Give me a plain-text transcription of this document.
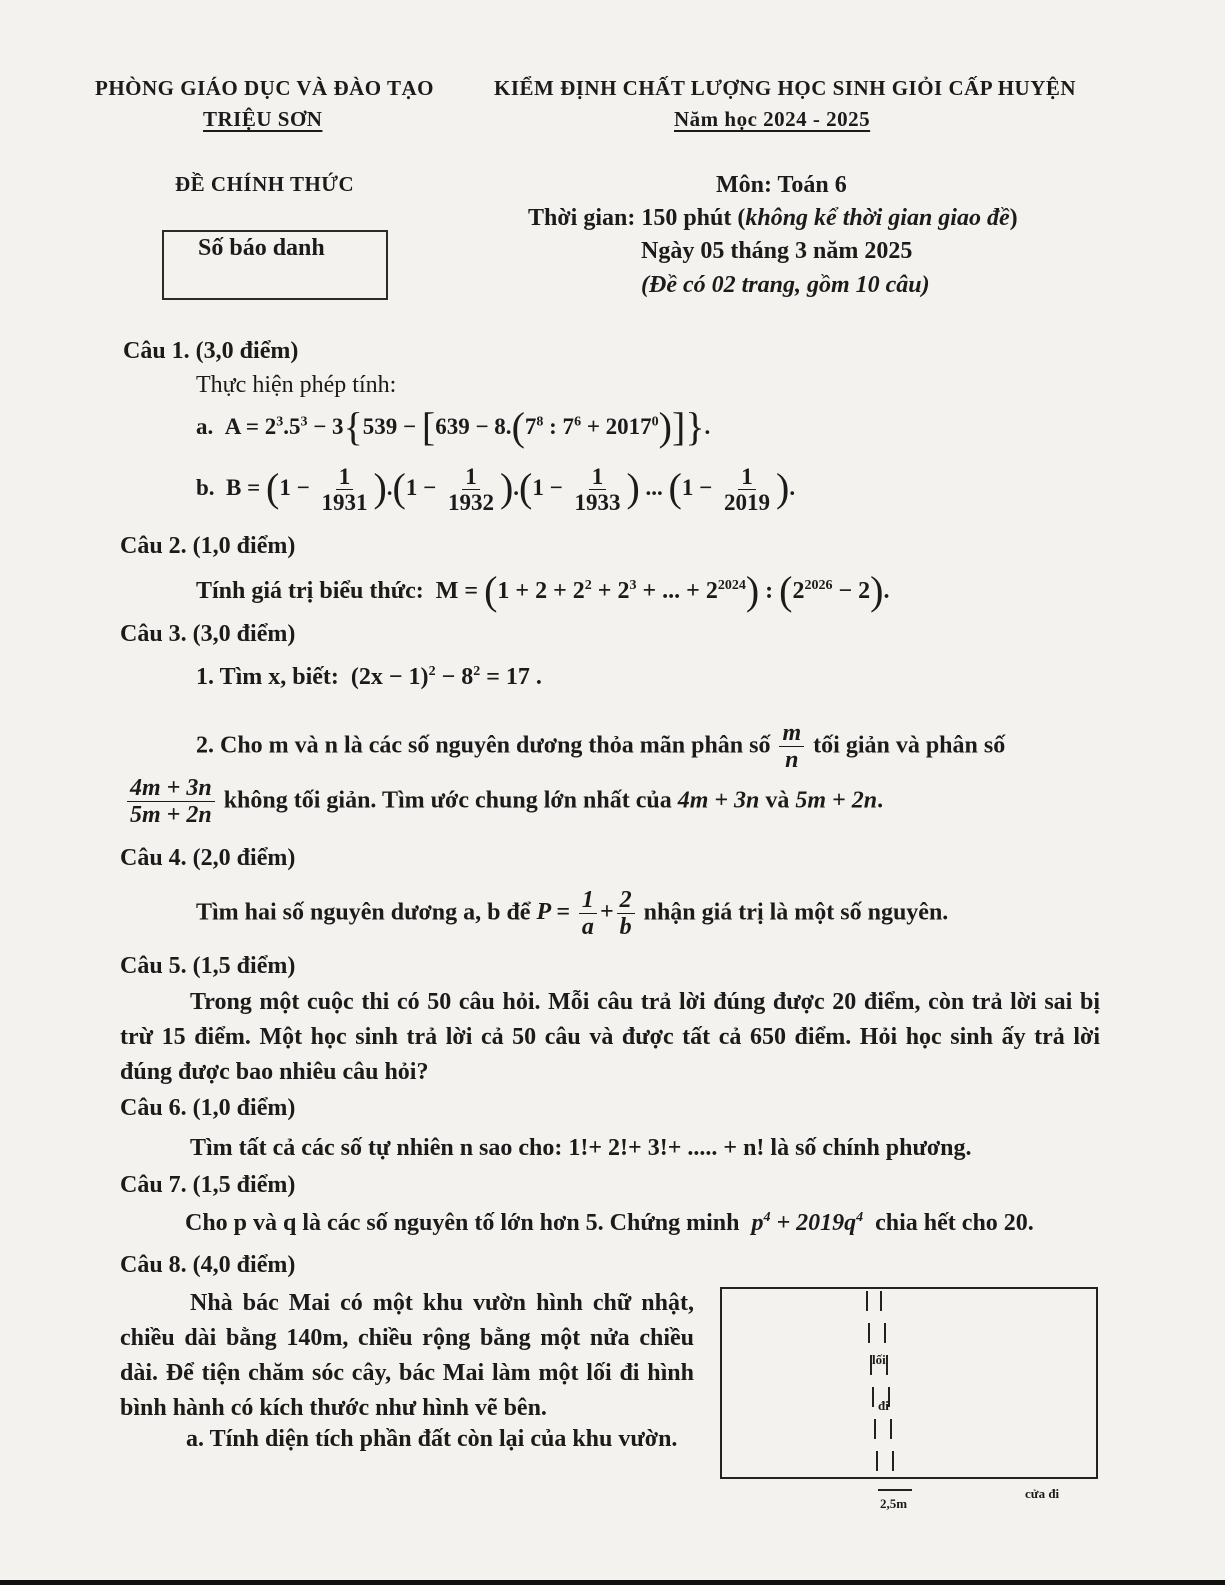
PHÒNG GIÁO DỤC VÀ ĐÀO TẠO
TRIỆU SƠN
KIỂM ĐỊNH CHẤT LƯỢNG HỌC SINH GIỎI CẤP HUYỆN
Năm học 2024 - 2025
ĐỀ CHÍNH THỨC	Môn: Toán 6
Thời gian: 150 phút (không kể thời gian giao đề)
Ngày 05 tháng 3 năm 2025
(Đề có 02 trang, gồm 10 câu)
Số báo danh
Câu 1. (3,0 điểm)
Thực hiện phép tính:
a.  $A = 2^3.5^3 - 3\{539 - [639 - 8.(7^8$ : $7^6 + 2017^0$)]}.
b.  $B = (1 - \frac{1}{1931} ).(1 - \frac{1}{1932} ).(1 - \frac{1}{1933}$ ) ... ($1 - \frac{1}{2019}$ ).
Câu 2. (1,0 điểm)
Tính giá trị biểu thức:  $M = (1 + 2 + 2^2 + 2^3$ + ... + $2^{2024}$) : $(2^{2026} - 2)$.
Câu 3. (3,0 điểm)
1. Tìm x, biết:  $(2x - 1)^2 - 8^2 = 17$ .
2. Cho m và n là các số nguyên dương thỏa mãn phân số $\frac{m}{n}$ tối giản và phân số
$\frac{4m + 3n}{5m + 2n}$ không tối giản. Tìm ước chung lớn nhất của 4m + 3n và 5m + 2n.
Câu 4. (2,0 điểm)
Tìm hai số nguyên dương a, b để $P = \frac{1}{a} + \frac{2}{b}$ nhận giá trị là một số nguyên.
Câu 5. (1,5 điểm)
Trong một cuộc thi có 50 câu hỏi. Mỗi câu trả lời đúng được 20 điểm, còn trả lời sai bị trừ 15 điểm. Một học sinh trả lời cả 50 câu và được tất cả 650 điểm. Hỏi học sinh ấy trả lời đúng được bao nhiêu câu hỏi?
Câu 6. (1,0 điểm)
Tìm tất cả các số tự nhiên n sao cho: 1!+ 2!+ 3!+ ..... + n! là số chính phương.
Câu 7. (1,5 điểm)
Cho p và q là các số nguyên tố lớn hơn 5. Chứng minh  $p^4 + 2019q^4$ chia hết cho 20.
Câu 8. (4,0 điểm)
Nhà bác Mai có một khu vườn hình chữ nhật, chiều dài bằng 140m, chiều rộng bằng một nửa chiều dài. Để tiện chăm sóc cây, bác Mai làm một lối đi hình bình hành có kích thước như hình vẽ bên.
a. Tính diện tích phần đất còn lại của khu vườn.
lối
đi
2,5m
cửa đi
